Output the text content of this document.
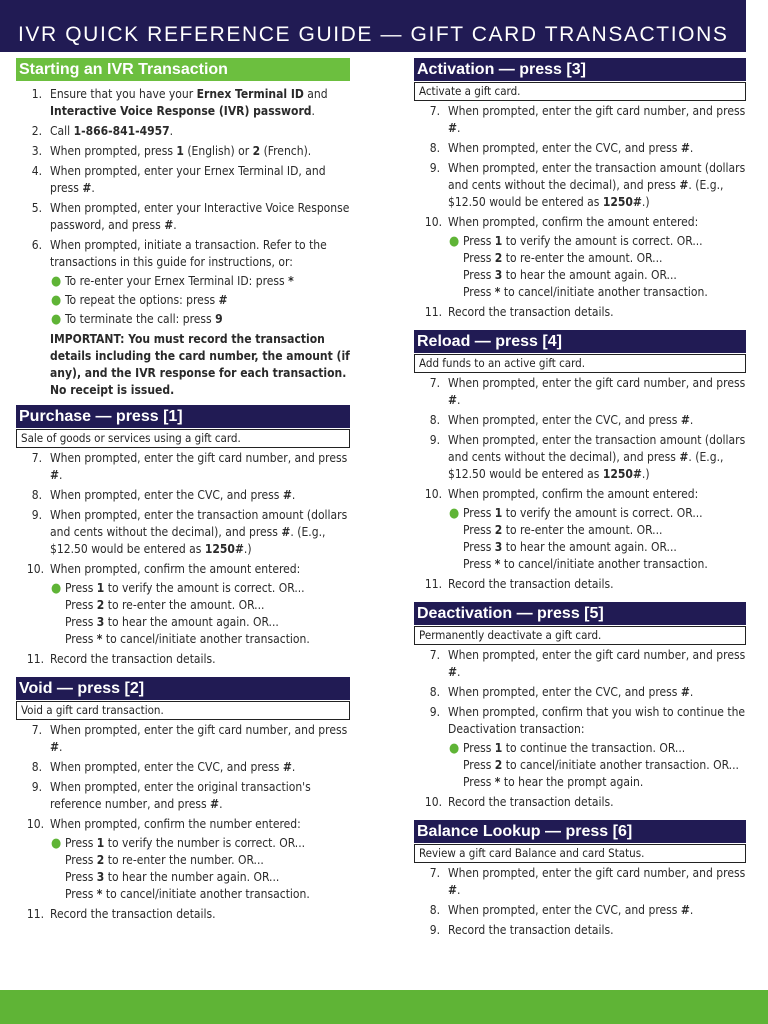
IVR QUICK REFERENCE GUIDE — GIFT CARD TRANSACTIONS
Starting an IVR Transaction
1. Ensure that you have your Ernex Terminal ID and Interactive Voice Response (IVR) password.
2. Call 1-866-841-4957.
3. When prompted, press 1 (English) or 2 (French).
4. When prompted, enter your Ernex Terminal ID, and press #.
5. When prompted, enter your Interactive Voice Response password, and press #.
6. When prompted, initiate a transaction. Refer to the transactions in this guide for instructions, or:
● To re-enter your Ernex Terminal ID: press *
● To repeat the options: press #
● To terminate the call: press 9
IMPORTANT: You must record the transaction details including the card number, the amount (if any), and the IVR response for each transaction. No receipt is issued.
Purchase — press [1]
Sale of goods or services using a gift card.
7. When prompted, enter the gift card number, and press #.
8. When prompted, enter the CVC, and press #.
9. When prompted, enter the transaction amount (dollars and cents without the decimal), and press #. (E.g., $12.50 would be entered as 1250#.)
10. When prompted, confirm the amount entered:
● Press 1 to verify the amount is correct. OR...
Press 2 to re-enter the amount. OR...
Press 3 to hear the amount again. OR...
Press * to cancel/initiate another transaction.
11. Record the transaction details.
Void — press [2]
Void a gift card transaction.
7. When prompted, enter the gift card number, and press #.
8. When prompted, enter the CVC, and press #.
9. When prompted, enter the original transaction's reference number, and press #.
10. When prompted, confirm the number entered:
● Press 1 to verify the number is correct. OR...
Press 2 to re-enter the number. OR...
Press 3 to hear the number again. OR...
Press * to cancel/initiate another transaction.
11. Record the transaction details.
Activation — press [3]
Activate a gift card.
7. When prompted, enter the gift card number, and press #.
8. When prompted, enter the CVC, and press #.
9. When prompted, enter the transaction amount (dollars and cents without the decimal), and press #. (E.g., $12.50 would be entered as 1250#.)
10. When prompted, confirm the amount entered:
● Press 1 to verify the amount is correct. OR...
Press 2 to re-enter the amount. OR...
Press 3 to hear the amount again. OR...
Press * to cancel/initiate another transaction.
11. Record the transaction details.
Reload — press [4]
Add funds to an active gift card.
7. When prompted, enter the gift card number, and press #.
8. When prompted, enter the CVC, and press #.
9. When prompted, enter the transaction amount (dollars and cents without the decimal), and press #. (E.g., $12.50 would be entered as 1250#.)
10. When prompted, confirm the amount entered:
● Press 1 to verify the amount is correct. OR...
Press 2 to re-enter the amount. OR...
Press 3 to hear the amount again. OR...
Press * to cancel/initiate another transaction.
11. Record the transaction details.
Deactivation — press [5]
Permanently deactivate a gift card.
7. When prompted, enter the gift card number, and press #.
8. When prompted, enter the CVC, and press #.
9. When prompted, confirm that you wish to continue the Deactivation transaction:
● Press 1 to continue the transaction. OR...
Press 2 to cancel/initiate another transaction. OR...
Press * to hear the prompt again.
10. Record the transaction details.
Balance Lookup — press [6]
Review a gift card Balance and card Status.
7. When prompted, enter the gift card number, and press #.
8. When prompted, enter the CVC, and press #.
9. Record the transaction details.
